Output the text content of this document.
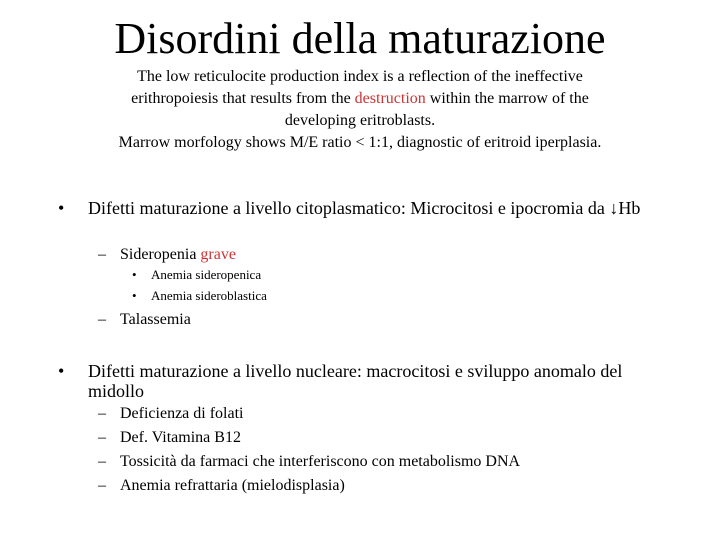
Disordini della maturazione
The low reticulocite production index is a reflection of the ineffective
erithropoiesis that results from the destruction within the marrow of the
developing eritroblasts.
Marrow morfology shows M/E ratio < 1:1, diagnostic of eritroid iperplasia.
• Difetti maturazione a livello citoplasmatico: Microcitosi e ipocromia da ↓Hb
– Sideropenia grave
• Anemia sideropenica
• Anemia sideroblastica
– Talassemia
• Difetti maturazione a livello nucleare: macrocitosi e sviluppo anomalo del midollo
– Deficienza di folati
– Def. Vitamina B12
– Tossicità da farmaci che interferiscono con metabolismo DNA
– Anemia refrattaria (mielodisplasia)
